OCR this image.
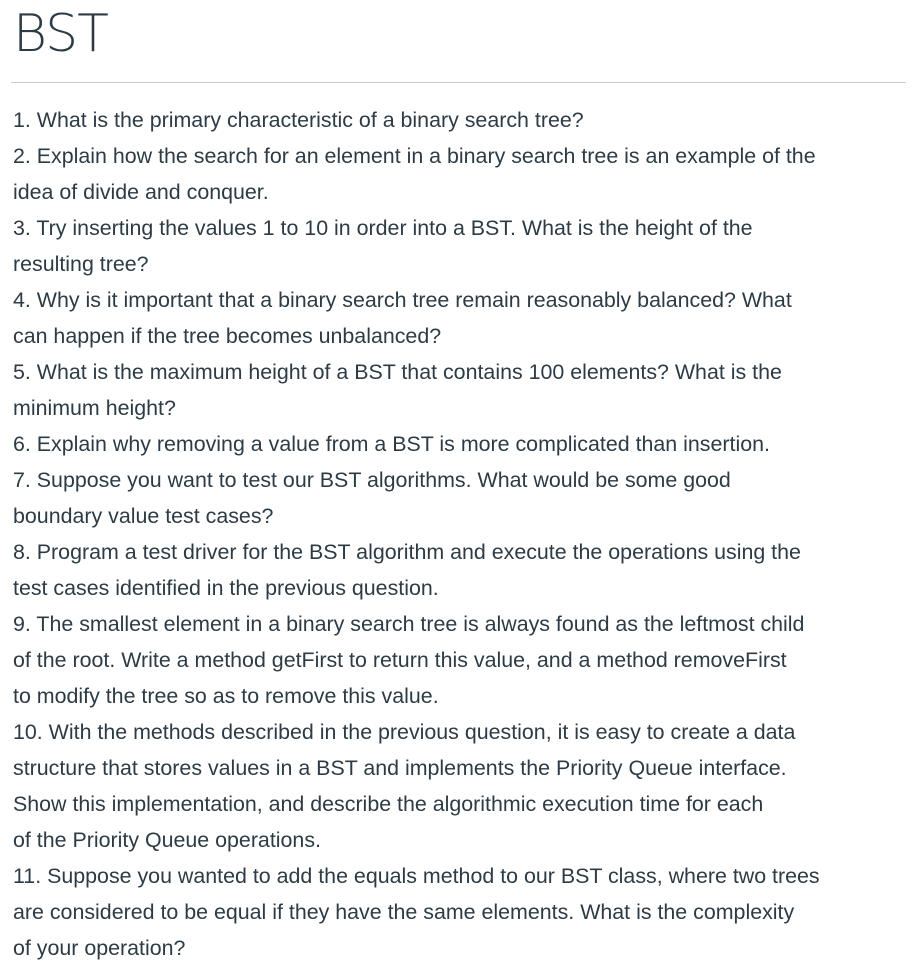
BST
1. What is the primary characteristic of a binary search tree?
2. Explain how the search for an element in a binary search tree is an example of the
idea of divide and conquer.
3. Try inserting the values 1 to 10 in order into a BST. What is the height of the
resulting tree?
4. Why is it important that a binary search tree remain reasonably balanced? What
can happen if the tree becomes unbalanced?
5. What is the maximum height of a BST that contains 100 elements? What is the
minimum height?
6. Explain why removing a value from a BST is more complicated than insertion.
7. Suppose you want to test our BST algorithms. What would be some good
boundary value test cases?
8. Program a test driver for the BST algorithm and execute the operations using the
test cases identified in the previous question.
9. The smallest element in a binary search tree is always found as the leftmost child
of the root. Write a method getFirst to return this value, and a method removeFirst
to modify the tree so as to remove this value.
10. With the methods described in the previous question, it is easy to create a data
structure that stores values in a BST and implements the Priority Queue interface.
Show this implementation, and describe the algorithmic execution time for each
of the Priority Queue operations.
11. Suppose you wanted to add the equals method to our BST class, where two trees
are considered to be equal if they have the same elements. What is the complexity
of your operation?
